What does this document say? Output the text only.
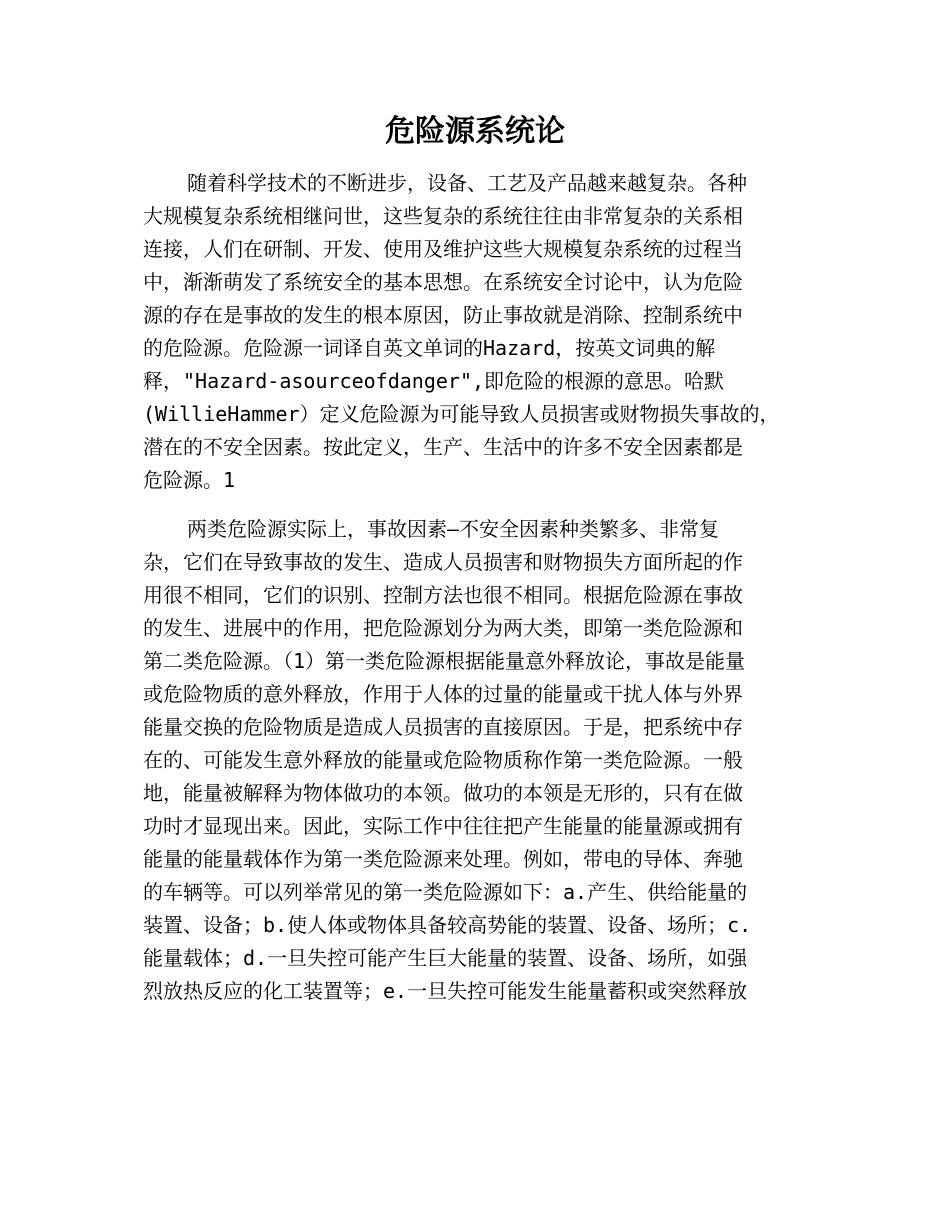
危险源系统论
随着科学技术的不断进步，设备、工艺及产品越来越复杂。各种
大规模复杂系统相继问世，这些复杂的系统往往由非常复杂的关系相
连接，人们在研制、开发、使用及维护这些大规模复杂系统的过程当
中，渐渐萌发了系统安全的基本思想。在系统安全讨论中，认为危险
源的存在是事故的发生的根本原因，防止事故就是消除、控制系统中
的危险源。危险源一词译自英文单词的Hazard，按英文词典的解
释，"Hazard-asourceofdanger",即危险的根源的意思。哈默
(WillieHammer）定义危险源为可能导致人员损害或财物损失事故的，
潜在的不安全因素。按此定义，生产、生活中的许多不安全因素都是
危险源。1
两类危险源实际上，事故因素—不安全因素种类繁多、非常复
杂，它们在导致事故的发生、造成人员损害和财物损失方面所起的作
用很不相同，它们的识别、控制方法也很不相同。根据危险源在事故
的发生、进展中的作用，把危险源划分为两大类，即第一类危险源和
第二类危险源。（1）第一类危险源根据能量意外释放论，事故是能量
或危险物质的意外释放，作用于人体的过量的能量或干扰人体与外界
能量交换的危险物质是造成人员损害的直接原因。于是，把系统中存
在的、可能发生意外释放的能量或危险物质称作第一类危险源。一般
地，能量被解释为物体做功的本领。做功的本领是无形的，只有在做
功时才显现出来。因此，实际工作中往往把产生能量的能量源或拥有
能量的能量载体作为第一类危险源来处理。例如，带电的导体、奔驰
的车辆等。可以列举常见的第一类危险源如下：a.产生、供给能量的
装置、设备；b.使人体或物体具备较高势能的装置、设备、场所；c.
能量载体；d.一旦失控可能产生巨大能量的装置、设备、场所，如强
烈放热反应的化工装置等；e.一旦失控可能发生能量蓄积或突然释放
